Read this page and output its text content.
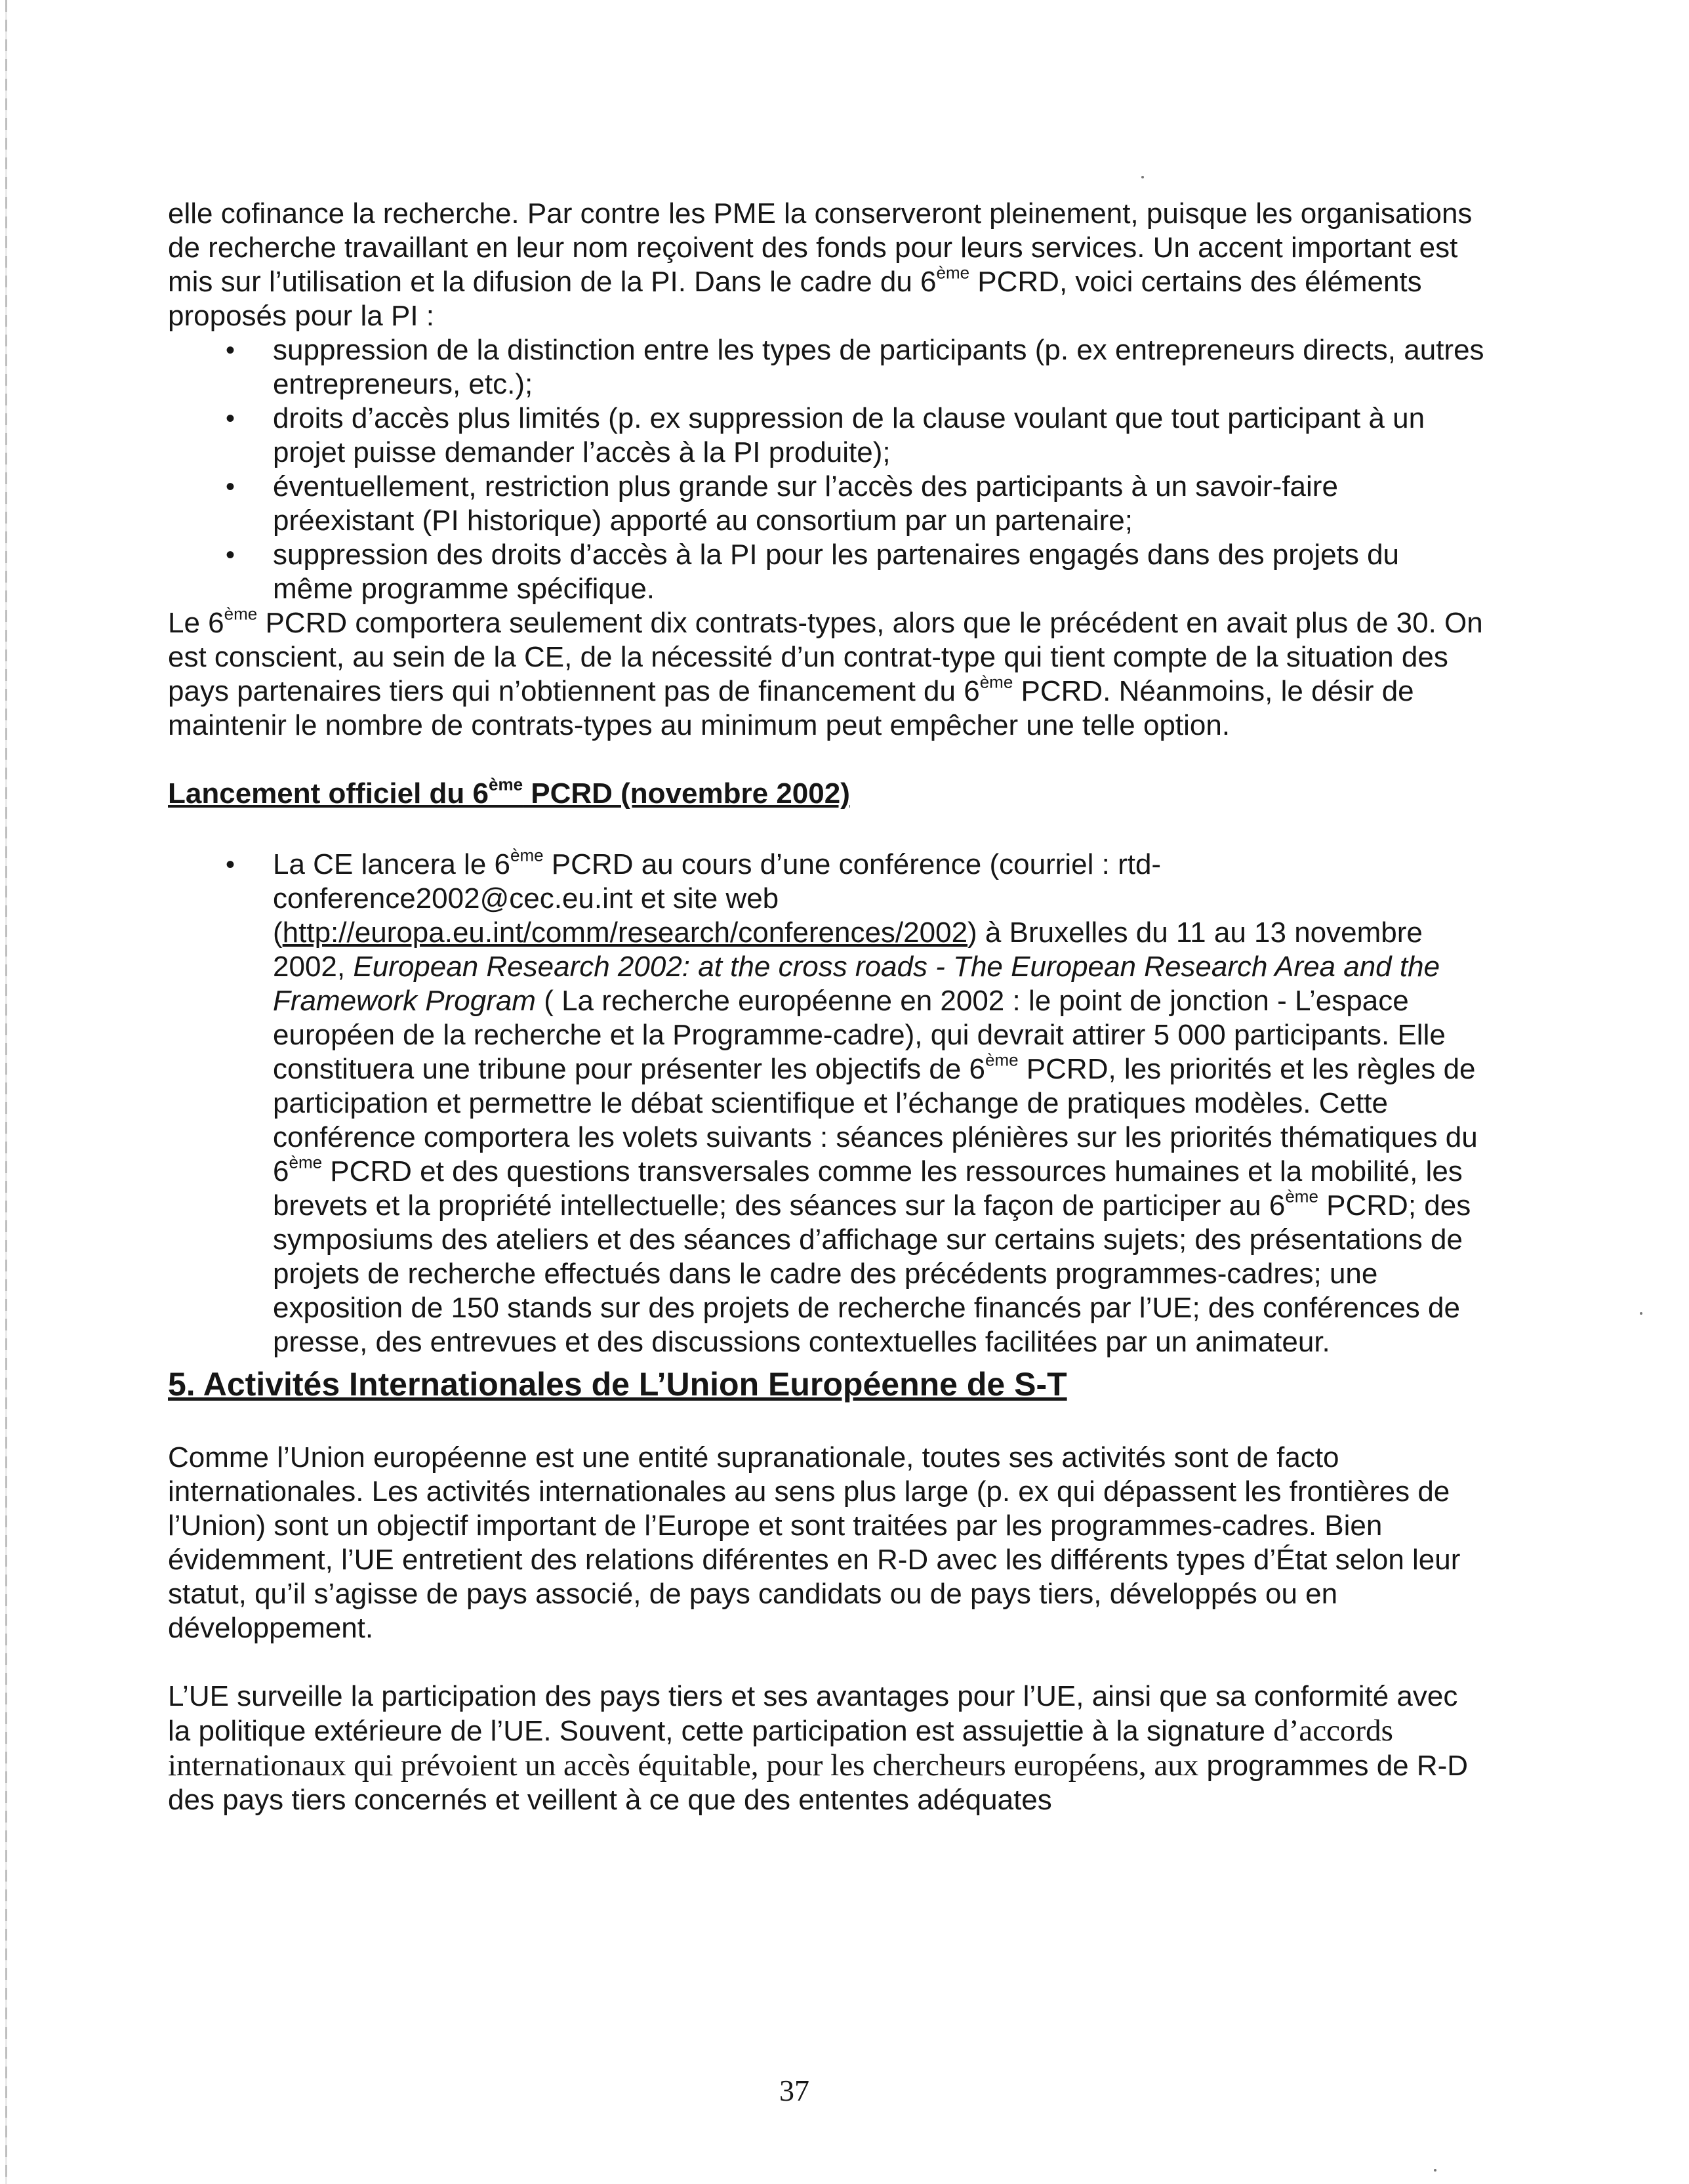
elle cofinance la recherche. Par contre les PME la conserveront pleinement, puisque les organisations de recherche travaillant en leur nom reçoivent des fonds pour leurs services. Un accent important est mis sur l’utilisation et la difusion de la PI. Dans le cadre du 6ème PCRD, voici certains des éléments proposés pour la PI :

• suppression de la distinction entre les types de participants (p. ex entrepreneurs directs, autres entrepreneurs, etc.);
• droits d’accès plus limités (p. ex suppression de la clause voulant que tout participant à un projet puisse demander l’accès à la PI produite);
• éventuellement, restriction plus grande sur l’accès des participants à un savoir-faire préexistant (PI historique) apporté au consortium par un partenaire;
• suppression des droits d’accès à la PI pour les partenaires engagés dans des projets du même programme spécifique.

Le 6ème PCRD comportera seulement dix contrats-types, alors que le précédent en avait plus de 30. On est conscient, au sein de la CE, de la nécessité d’un contrat-type qui tient compte de la situation des pays partenaires tiers qui n’obtiennent pas de financement du 6ème PCRD. Néanmoins, le désir de maintenir le nombre de contrats-types au minimum peut empêcher une telle option.

Lancement officiel du 6ème PCRD (novembre 2002)

• La CE lancera le 6ème PCRD au cours d’une conférence (courriel : rtd-conference2002@cec.eu.int et site web (http://europa.eu.int/comm/research/conferences/2002) à Bruxelles du 11 au 13 novembre 2002, European Research 2002: at the cross roads - The European Research Area and the Framework Program ( La recherche européenne en 2002 : le point de jonction - L’espace européen de la recherche et la Programme-cadre), qui devrait attirer 5 000 participants. Elle constituera une tribune pour présenter les objectifs de 6ème PCRD, les priorités et les règles de participation et permettre le débat scientifique et l’échange de pratiques modèles. Cette conférence comportera les volets suivants : séances plénières sur les priorités thématiques du 6ème PCRD et des questions transversales comme les ressources humaines et la mobilité, les brevets et la propriété intellectuelle; des séances sur la façon de participer au 6ème PCRD; des symposiums des ateliers et des séances d’affichage sur certains sujets; des présentations de projets de recherche effectués dans le cadre des précédents programmes-cadres; une exposition de 150 stands sur des projets de recherche financés par l’UE; des conférences de presse, des entrevues et des discussions contextuelles facilitées par un animateur.

5. Activités Internationales de L’Union Européenne de S-T

Comme l’Union européenne est une entité supranationale, toutes ses activités sont de facto internationales. Les activités internationales au sens plus large (p. ex qui dépassent les frontières de l’Union) sont un objectif important de l’Europe et sont traitées par les programmes-cadres. Bien évidemment, l’UE entretient des relations diférentes en R-D avec les différents types d’État selon leur statut, qu’il s’agisse de pays associé, de pays candidats ou de pays tiers, développés ou en développement.

L’UE surveille la participation des pays tiers et ses avantages pour l’UE, ainsi que sa conformité avec la politique extérieure de l’UE. Souvent, cette participation est assujettie à la signature d’accords internationaux qui prévoient un accès équitable, pour les chercheurs européens, aux programmes de R-D des pays tiers concernés et veillent à ce que des ententes adéquates

37
